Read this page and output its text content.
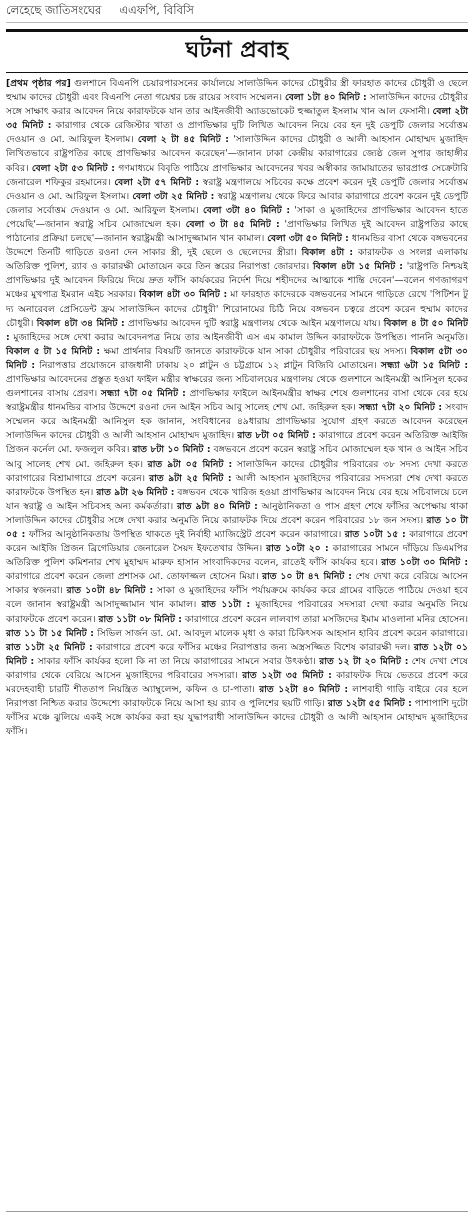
লেহেছে জাতিসংঘের এএফপি, বিবিসি
ঘটনা প্রবাহ

[প্রথম পৃষ্ঠার পর] গুলশানে বিএনপি চেয়ারপারসনের কার্যালয়ে সালাউদ্দিন কাদের চৌধুরীর স্ত্রী ফারহাত কাদের চৌধুরী ও ছেলে হুম্মাম কাদের চৌধুরী এবং বিএনপি নেতা গয়েশ্বর চন্দ্র রায়ের সংবাদ সম্মেলন। বেলা ১টা ৪০ মিনিট : সালাউদ্দিন কাদের চৌধুরীর সঙ্গে সাক্ষাৎ করার আবেদন নিয়ে কারাফটকে যান তার আইনজীবী অ্যাডভোকেট হুজ্জাতুল ইসলাম খান আল ফেসানী। বেলা ২টা ৩৫ মিনিট : কারাগার থেকে রেজিস্টার খাতা ও প্রাণভিক্ষার দুটি লিখিত আবেদন নিয়ে বের হন দুই ডেপুটি জেলার সর্বোত্তম দেওয়ান ও মো. আরিফুল ইসলাম। বেলা ২ টা ৪৫ মিনিট : 'সালাউদ্দিন কাদের চৌধুরী ও আলী আহসান মোহাম্মদ মুজাহিদ লিখিতভাবে রাষ্ট্রপতির কাছে প্রাণভিক্ষার আবেদন করেছেন'—জানান ঢাকা কেন্দ্রীয় কারাগারের জ্যেষ্ঠ জেল সুপার জাহাঙ্গীর কবির। বেলা ২টা ৫৩ মিনিট : গণমাধ্যমে বিবৃতি পাঠিয়ে প্রাণভিক্ষার আবেদনের খবর অস্বীকার জামায়াতের ভারপ্রাপ্ত সেক্রেটারি জেনারেল শফিকুর রহমানের। বেলা ২টা ৫৭ মিনিট : স্বরাষ্ট্র মন্ত্রণালয়ে সচিবের কক্ষে প্রবেশ করেন দুই ডেপুটি জেলার সর্বোত্তম দেওয়ান ও মো. আরিফুল ইসলাম। বেলা ৩টা ২৫ মিনিট : স্বরাষ্ট্র মন্ত্রণালয় থেকে ফিরে আবার কারাগারে প্রবেশ করেন দুই ডেপুটি জেলার সর্বোত্তম দেওয়ান ও মো. আরিফুল ইসলাম। বেলা ৩টা ৪০ মিনিট : 'সাকা ও মুজাহিদের প্রাণভিক্ষার আবেদন হাতে পেয়েছি'—জানান স্বরাষ্ট্র সচিব মোজাম্মেল হক। বেলা ৩ টা ৪৫ মিনিট : 'প্রাণভিক্ষার লিখিত দুই আবেদন রাষ্ট্রপতির কাছে পাঠানোর প্রক্রিয়া চলছে'—জানান স্বরাষ্ট্রমন্ত্রী আসাদুজ্জামান খান কামাল। বেলা ৩টা ৫০ মিনিট : ধানমন্ডির বাসা থেকে বঙ্গভবনের উদ্দেশে তিনটি গাড়িতে রওনা দেন সাকার স্ত্রী, দুই ছেলে ও ছেলেদের স্ত্রীরা। বিকাল ৪টা : কারাফটক ও সংলগ্ন এলাকায় অতিরিক্ত পুলিশ, র‍্যাব ও কারারক্ষী মোতায়েন করে তিন স্তরের নিরাপত্তা জোরদার। বিকাল ৪টা ১৫ মিনিট : 'রাষ্ট্রপতি নিশ্চয়ই প্রাণভিক্ষার দুই আবেদন ফিরিয়ে দিয়ে দ্রুত ফাঁসি কার্যকরের নির্দেশ দিয়ে শহীদদের আত্মাকে শান্তি দেবেন'—বলেন গণজাগরণ মঞ্চের মুখপাত্র ইমরান এইচ সরকার। বিকাল ৪টা ৩০ মিনিট : মা ফারহাত কাদেরকে বঙ্গভবনের সামনে গাড়িতে রেখে 'পিটিশন টু দ্য অনারেবল প্রেসিডেন্ট ফ্রম সালাউদ্দিন কাদের চৌধুরী' শিরোনামের চিঠি নিয়ে বঙ্গভবন চত্বরে প্রবেশ করেন হুম্মাম কাদের চৌধুরী। বিকাল ৪টা ৩৪ মিনিট : প্রাণভিক্ষার আবেদন দুটি স্বরাষ্ট্র মন্ত্রণালয় থেকে আইন মন্ত্রণালয়ে যায়। বিকাল ৪ টা ৫০ মিনিট : মুজাহিদের সঙ্গে দেখা করার আবেদনপত্র নিয়ে তার আইনজীবী এস এম কামাল উদ্দিন কারাফটকে উপস্থিত। পাননি অনুমতি। বিকাল ৫ টা ১৫ মিনিট : ক্ষমা প্রার্থনার বিষয়টি জানতে কারাফটকে যান সাকা চৌধুরীর পরিবারের ছয় সদস্য। বিকাল ৫টা ৩০ মিনিট : নিরাপত্তার প্রয়োজনে রাজধানী ঢাকায় ২০ প্লাটুন ও চট্টগ্রামে ১২ প্লাটুন বিজিবি মোতায়েন। সন্ধ্যা ৬টা ১৫ মিনিট : প্রাণভিক্ষার আবেদনের প্রস্তুত হওয়া ফাইল মন্ত্রীর স্বাক্ষরের জন্য সচিবালয়ের মন্ত্রণালয় থেকে গুলশানে আইনমন্ত্রী আনিসুল হকের গুলশানের বাসায় প্রেরণ। সন্ধ্যা ৭টা ০৫ মিনিট : প্রাণভিক্ষার ফাইলে আইনমন্ত্রীর স্বাক্ষর শেষে গুলশানের বাসা থেকে বের হয়ে স্বরাষ্ট্রমন্ত্রীর ধানমন্ডির বাসার উদ্দেশে রওনা দেন আইন সচিব আবু সালেহ শেখ মো. জহিরুল হক। সন্ধ্যা ৭টা ২০ মিনিট : সংবাদ সম্মেলন করে আইনমন্ত্রী আনিসুল হক জানান, সংবিধানের ৪৯ধারায় প্রাণভিক্ষার সুযোগ গ্রহণ করতে আবেদন করেছেন সালাউদ্দিন কাদের চৌধুরী ও আলী আহসান মোহাম্মদ মুজাহিদ। রাত ৮টা ০৫ মিনিট : কারাগারে প্রবেশ করেন অতিরিক্ত আইজি প্রিজন কর্নেল মো. ফজলুল কবির। রাত ৮টা ১০ মিনিট : বঙ্গভবনে প্রবেশ করেন স্বরাষ্ট্র সচিব মোজাম্মেল হক খান ও আইন সচিব আবু সালেহ শেখ মো. জহিরুল হক। রাত ৯টা ০৫ মিনিট : সালাউদ্দিন কাদের চৌধুরীর পরিবারের ৩৮ সদস্য দেখা করতে কারাগারের বিশ্রামাগারে প্রবেশ করেন। রাত ৯টা ২৫ মিনিট : আলী আহসান মুজাহিদের পরিবারের সদস্যরা শেষ দেখা করতে কারাফটকে উপস্থিত হন। রাত ৯টা ২৬ মিনিট : বঙ্গভবন থেকে খারিজ হওয়া প্রাণভিক্ষার আবেদন নিয়ে বের হয়ে সচিবালয়ে চলে যান স্বরাষ্ট্র ও আইন সচিবসহ অন্য কর্মকর্তারা। রাত ৯টা ৪০ মিনিট : আনুষ্ঠানিকতা ও পাস গ্রহণ শেষে ফাঁসির অপেক্ষায় থাকা সালাউদ্দিন কাদের চৌধুরীর সঙ্গে দেখা করার অনুমতি নিয়ে কারাফটক দিয়ে প্রবেশ করেন পরিবারের ১৮ জন সদস্য। রাত ১০ টা ০৫ : ফাঁসির আনুষ্ঠানিকতায় উপস্থিত থাকতে দুই নির্বাহী ম্যাজিস্ট্রেট প্রবেশ করেন কারাগারে। রাত ১০টা ১৫ : কারাগারে প্রবেশ করেন আইজি প্রিজন ব্রিগেডিয়ার জেনারেল সৈয়দ ইফতেখার উদ্দিন। রাত ১০টা ২০ : কারাগারের সামনে দাঁড়িয়ে ডিএমপির অতিরিক্ত পুলিশ কমিশনার শেখ মুহাম্মদ মারুফ হাসান সাংবাদিকদের বলেন, রাতেই ফাঁসি কার্যকর হবে। রাত ১০টা ৩০ মিনিট : কারাগারে প্রবেশ করেন জেলা প্রশাসক মো. তোফাজ্জল হোসেন মিয়া। রাত ১০ টা ৪৭ মিনিট : শেষ দেখা করে বেরিয়ে আসেন সাকার স্বজনরা। রাত ১০টা ৪৮ মিনিট : সাকা ও মুজাহিদের ফাঁসি পর্যায়ক্রমে কার্যকর করে গ্রামের বাড়িতে পাঠিয়ে দেওয়া হবে বলে জানান স্বরাষ্ট্রমন্ত্রী আসাদুজ্জামান খান কামাল। রাত ১১টা : মুজাহিদের পরিবারের সদস্যরা দেখা করার অনুমতি নিয়ে কারাফটকে প্রবেশ করেন। রাত ১১টা ০৮ মিনিট : কারাগারে প্রবেশ করেন লালবাগ তারা মসজিদের ইমাম মাওলানা মনির হোসেন। রাত ১১ টা ১৫ মিনিট : সিভিল সার্জন ডা. মো. আবদুল মালেক মৃধা ও কারা চিকিৎসক আহসান হাবিব প্রবেশ করেন কারাগারে। রাত ১১টা ২৫ মিনিট : কারাগারে প্রবেশ করে ফাঁসির মঞ্চের নিরাপত্তার জন্য অস্ত্রসজ্জিত বিশেষ কারারক্ষী দল। রাত ১২টা ০১ মিনিট : সাকার ফাঁসি কার্যকর হলো কি না তা নিয়ে কারাগারের সামনে সবার উৎকণ্ঠা। রাত ১২ টা ২০ মিনিট : শেষ দেখা শেষে কারাগার থেকে বেরিয়ে আসেন মুজাহিদের পরিবারের সদস্যরা। রাত ১২টা ৩৫ মিনিট : কারাফটক দিয়ে ভেতরে প্রবেশ করে মরদেহবাহী চারটি শীততাপ নিয়ন্ত্রিত অ্যাম্বুলেন্স, কফিন ও চা-পাতা। রাত ১২টা ৪০ মিনিট : লাশবাহী গাড়ি বাইরে বের হলে নিরাপত্তা নিশ্চিত করার উদ্দেশ্যে কারাফটকে নিয়ে আসা হয় র‍্যাব ও পুলিশের ছয়টি গাড়ি। রাত ১২টা ৫৫ মিনিট : পাশাপাশি দুটো ফাঁসির মঞ্চে ঝুলিয়ে একই সঙ্গে কার্যকর করা হয় যুদ্ধাপরাধী সালাউদ্দিন কাদের চৌধুরী ও আলী আহসান মোহাম্মদ মুজাহিদের ফাঁসি।
